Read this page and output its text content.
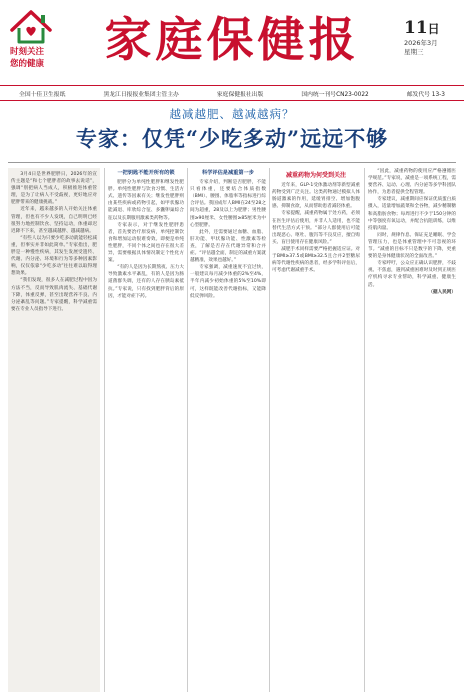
时刻关注
您的健康	家庭保健报	11日
2026年3月
星期三
全国十佳卫生报纸	黑龙江日报报业集团主管主办	家庭保健报社出版	国内统一刊号CN23-0022	邮发代号 13-3
越减越肥、越减越病？
专家：仅凭“少吃多动”远远不够

3月4日是世界肥胖日，2026年的宣传主题是“和七个肥胖者的故事去说话”，强调“别把病人当成人，积极推进体重管理，是为了让病人不受歧视，更好地应对肥胖带来的健康挑战。”

近年来，越来越多的人开始关注体重管理，但也有不少人发现，自己明明已经很努力地控制饮食、坚持运动，体重却迟迟降不下来，甚至越减越胖、越减越病。

“有些人以为只要少吃多动就能轻松减重，但事实并非如此简单。”专家指出，肥胖是一种慢性疾病，其发生发展受遗传、代谢、内分泌、环境和行为等多种因素影响，仅仅依靠“少吃多动”往往难以取得理想效果。

“我们发现，很多人在减肥过程中因为方法不当，反而导致肌肉流失、基础代谢下降，体重反弹，甚至出现营养不良、内分泌紊乱等问题。”专家提醒，科学减重需要在专业人员指导下进行。

一把钥匙不能开所有的锁

肥胖分为单纯性肥胖和继发性肥胖。单纯性肥胖与饮食习惯、生活方式、遗传等因素有关；继发性肥胖则由某些疾病或药物引起，如甲状腺功能减退、库欣综合征、多囊卵巢综合征以及长期服用激素类药物等。

专家表示，对于继发性肥胖患者，首先要治疗原发病，单纯控制饮食和增加运动很难奏效。即便是单纯性肥胖，不同个体之间也存在很大差异，需要根据具体情况制定个性化方案。

“有的人是因为长期熬夜、压力大导致激素水平紊乱，有的人是因为肠道菌群失调，还有的人存在胰岛素抵抗。”专家说，只有找到肥胖背后的原因，才能对症下药。

科学评估是减重第一步

专家介绍，判断是否肥胖，不能只看体重，还要结合体质指数（BMI）、腰围、体脂率等指标进行综合评估。我国成年人BMI在24至28之间为超重，28及以上为肥胖；男性腰围≥90厘米、女性腰围≥85厘米为中心型肥胖。

此外，还需要通过血糖、血脂、肝功能、甲状腺功能、性激素等检查，了解是否存在代谢异常和合并症。“评估越全面，制定的减重方案就越精准，效果也越好。”

专家强调，减重速度不宜过快，一般建议每月减少体重的2%至4%，半年内减少初始体重的5%至10%即可，这样既能改善代谢指标，又能降低反弹风险。

减重药物为何受到关注

近年来，GLP-1受体激动剂等新型减重药物受到广泛关注。这类药物通过模拟人体肠道激素的作用，延缓胃排空、增加饱腹感、抑制食欲，从而帮助患者减轻体重。

专家提醒，减重药物属于处方药，必须在医生评估后使用，并非人人适用，也不能替代生活方式干预。“部分人群使用后可能出现恶心、呕吐、腹泻等不良反应，擅自购买、盲目使用存在健康风险。”

减肥手术同样需要严格把握适应证。对于BMI≥37.5或BMI≥32.5且合并2型糖尿病等代谢性疾病的患者，经多学科评估后，可考虑代谢减重手术。

“因此，减重药物的使用应严格遵循医学规范。”专家说，减重是一项系统工程，需要营养、运动、心理、内分泌等多学科团队协作，为患者提供全程管理。

专家建议，减重期间应保证优质蛋白质摄入，适量增加蔬菜和全谷物，减少精制糖和高脂肪食物；每周进行不少于150分钟的中等强度有氧运动，并配合抗阻训练，以维持肌肉量。

同时，规律作息、保证充足睡眠、学会管理压力，也是体重管理中不可忽视的环节。“减重的目标不只是数字的下降，更重要的是身体健康状况的全面改善。”

专家呼吁，公众应正确认识肥胖，不歧视、不焦虑，遇到减重困难时及时到正规医疗机构寻求专业帮助，科学减重、健康生活。

（据人民网）
